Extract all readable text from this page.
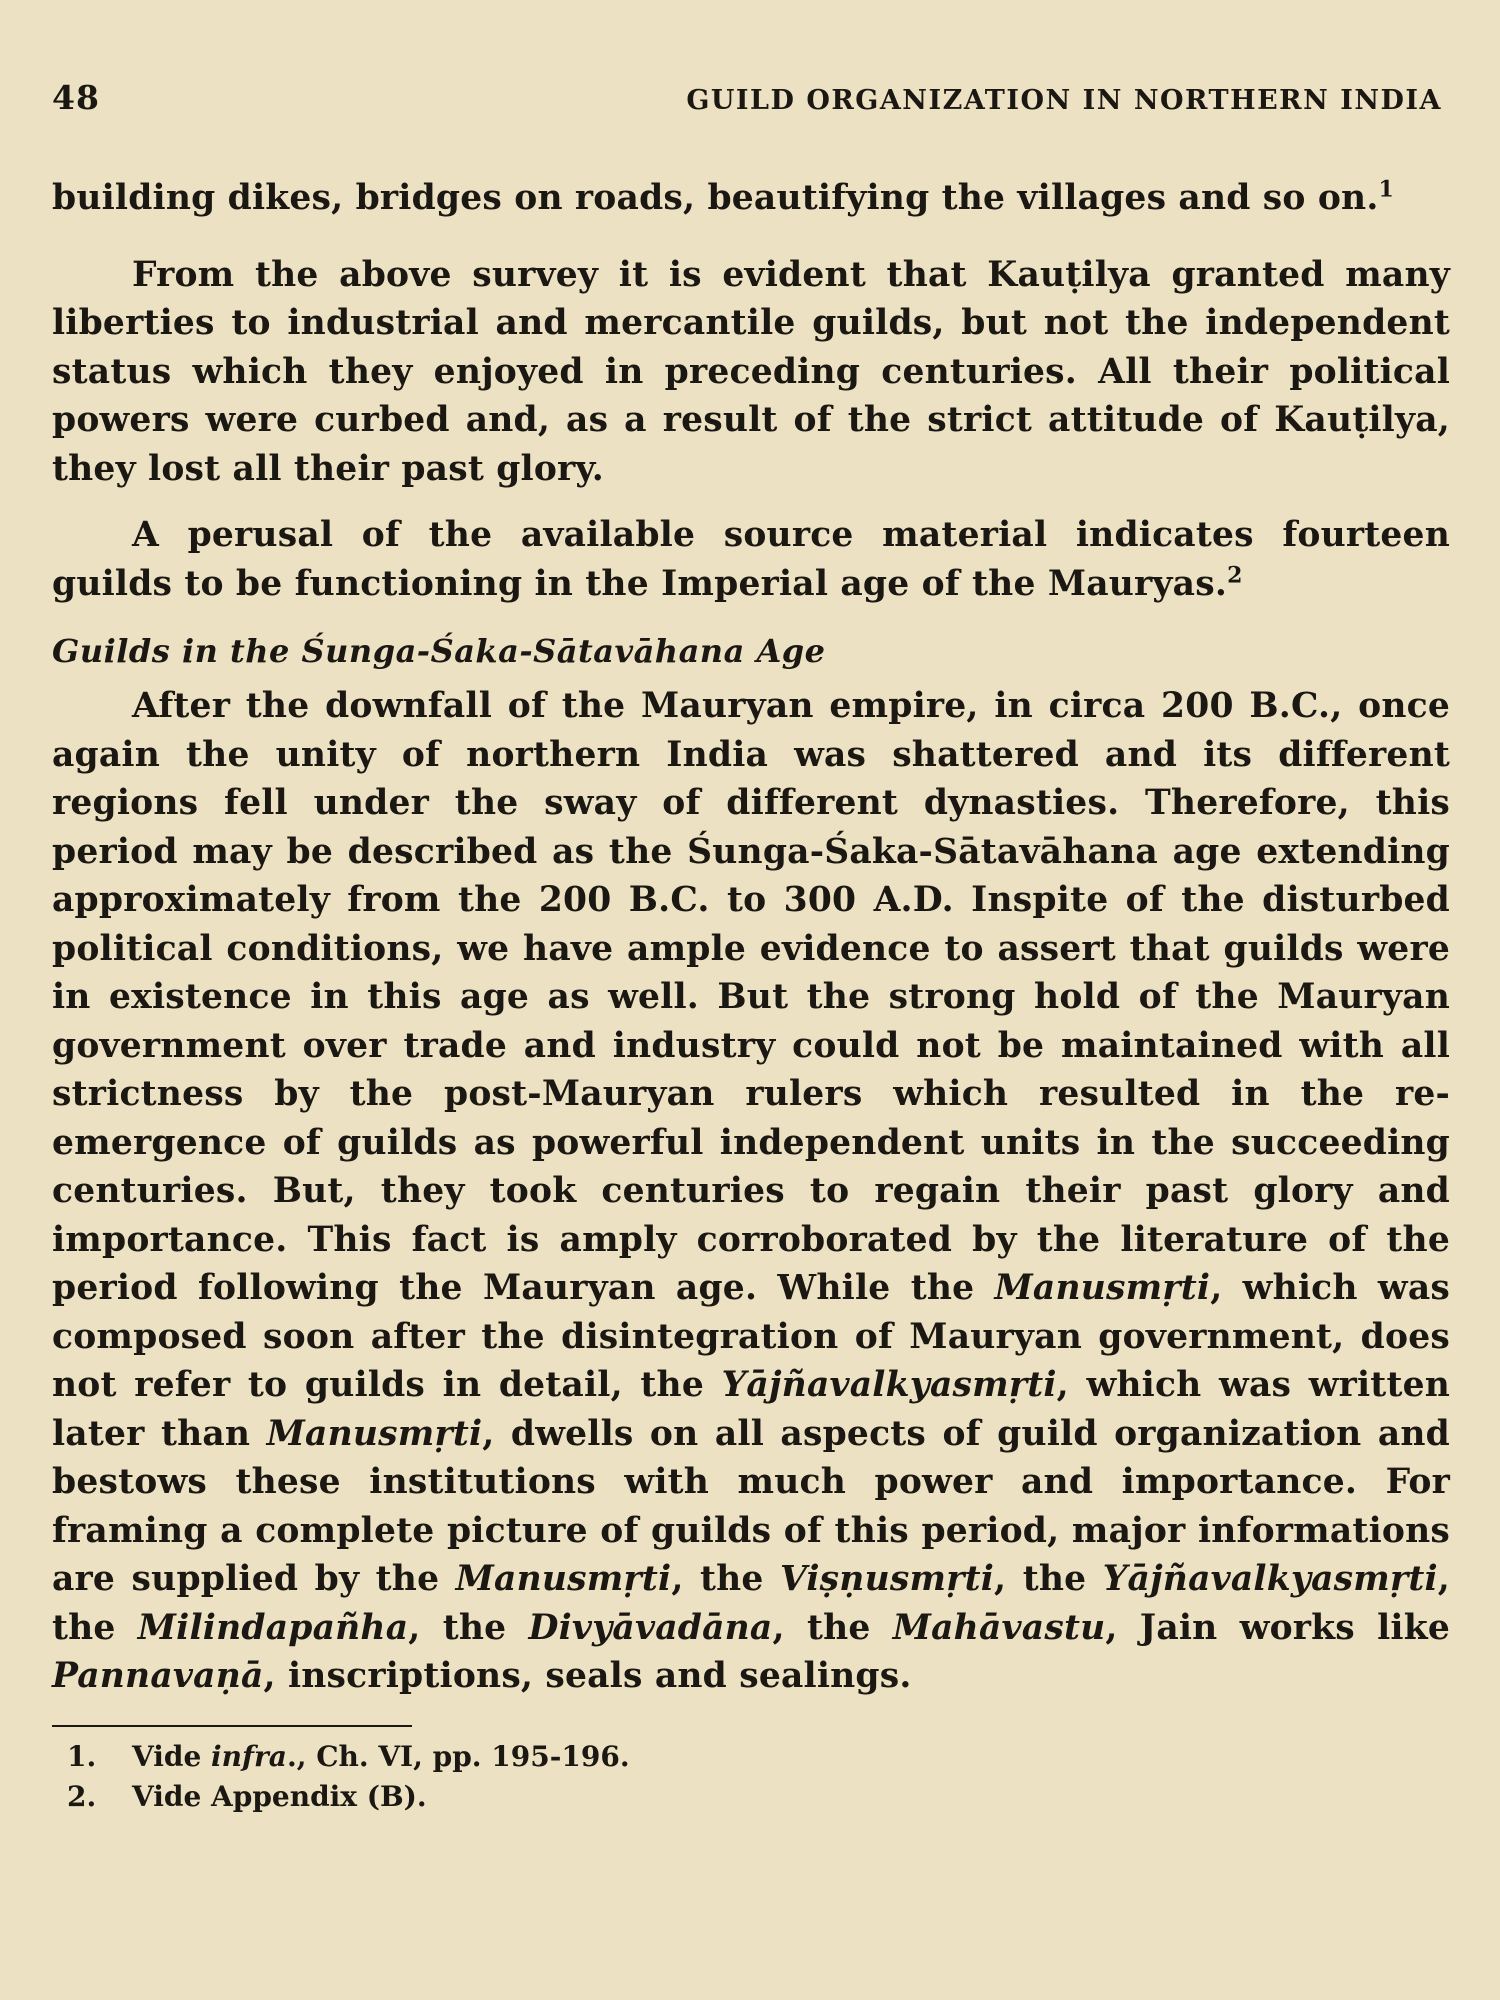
48	GUILD ORGANIZATION IN NORTHERN INDIA

building dikes, bridges on roads, beautifying the villages and so on.$^1$

From the above survey it is evident that Kauṭilya granted many liberties to industrial and mercantile guilds, but not the independent status which they enjoyed in preceding centuries. All their political powers were curbed and, as a result of the strict attitude of Kauṭilya, they lost all their past glory.

A perusal of the available source material indicates fourteen guilds to be functioning in the Imperial age of the Mauryas.$^2$

Guilds in the Śunga-Śaka-Sātavāhana Age

After the downfall of the Mauryan empire, in circa 200 B.C., once again the unity of northern India was shattered and its different regions fell under the sway of different dynasties. Therefore, this period may be described as the Śunga-Śaka-Sātavāhana age extending approximately from the 200 B.C. to 300 A.D. Inspite of the disturbed political conditions, we have ample evidence to assert that guilds were in existence in this age as well. But the strong hold of the Mauryan government over trade and industry could not be maintained with all strictness by the post-Mauryan rulers which resulted in the re-emergence of guilds as powerful independent units in the succeeding centuries. But, they took centuries to regain their past glory and importance. This fact is amply corroborated by the literature of the period following the Mauryan age. While the Manusmṛti, which was composed soon after the disintegration of Mauryan government, does not refer to guilds in detail, the Yājñavalkyasmṛti, which was written later than Manusmṛti, dwells on all aspects of guild organization and bestows these institutions with much power and importance. For framing a complete picture of guilds of this period, major informations are supplied by the Manusmṛti, the Viṣṇusmṛti, the Yājñavalkyasmṛti, the Milindapañha, the Divyāvadāna, the Mahāvastu, Jain works like Pannavaṇā, inscriptions, seals and sealings.

1.	Vide infra., Ch. VI, pp. 195-196.
2.	Vide Appendix (B).
